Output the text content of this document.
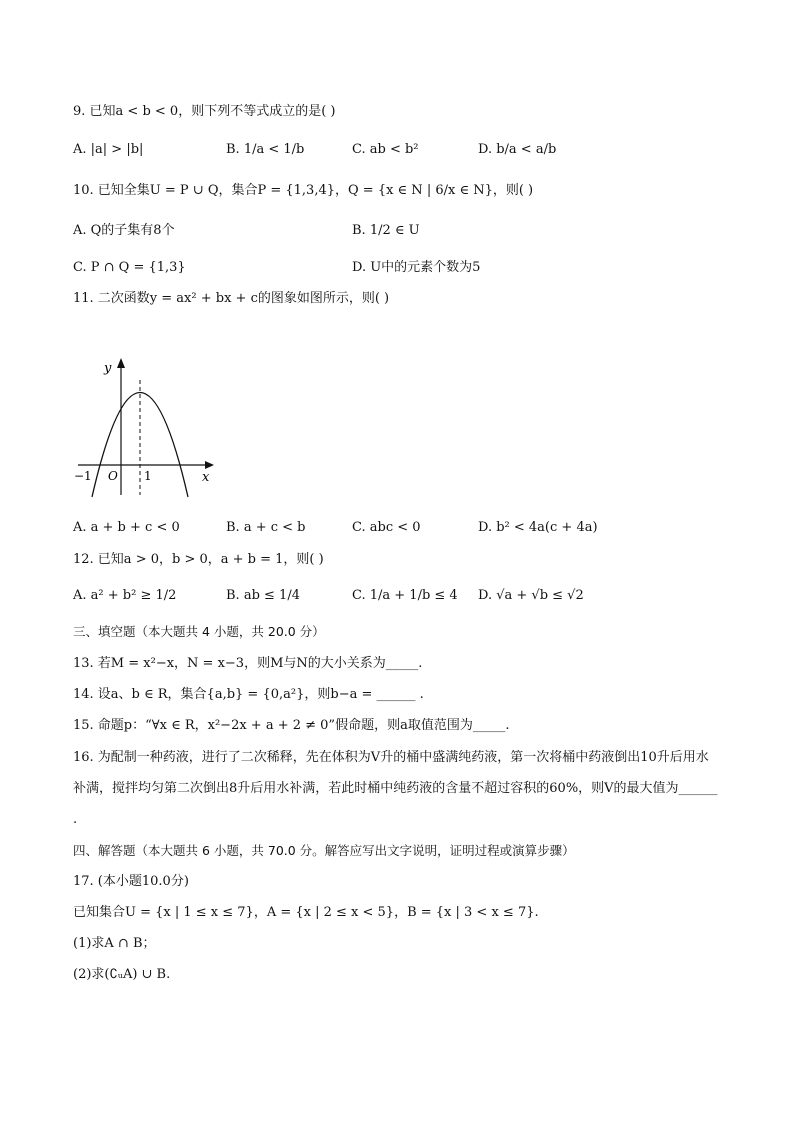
9. 已知a < b < 0，则下列不等式成立的是( )
A. |a| > |b|	B. 1/a < 1/b	C. ab < b²	D. b/a < a/b
10. 已知全集U = P ∪ Q，集合P = {1,3,4}，Q = {x ∈ N | 6/x ∈ N}，则( )
A. Q的子集有8个	B. 1/2 ∈ U
C. P ∩ Q = {1,3}	D. U中的元素个数为5
11. 二次函数y = ax² + bx + c的图象如图所示，则( )
y
x
O
−1	1
A. a + b + c < 0	B. a + c < b	C. abc < 0	D. b² < 4a(c + 4a)
12. 已知a > 0，b > 0，a + b = 1，则( )
A. a² + b² ≥ 1/2	B. ab ≤ 1/4	C. 1/a + 1/b ≤ 4 D. √a + √b ≤ √2
三、填空题（本大题共 4 小题，共 20.0 分）
13. 若M = x²−x，N = x−3，则M与N的大小关系为_____.
14. 设a、b ∈ R，集合{a,b} = {0,a²}，则b−a = ______ .
15. 命题p：“∀x ∈ R，x²−2x + a + 2 ≠ 0”假命题，则a取值范围为_____.
16. 为配制一种药液，进行了二次稀释，先在体积为V升的桶中盛满纯药液，第一次将桶中药液倒出10升后用水补满，搅拌均匀第二次倒出8升后用水补满，若此时桶中纯药液的含量不超过容积的60%，则V的最大值为______ .
四、解答题（本大题共 6 小题，共 70.0 分。解答应写出文字说明，证明过程或演算步骤）
17. (本小题10.0分)
已知集合U = {x | 1 ≤ x ≤ 7}，A = {x | 2 ≤ x < 5}，B = {x | 3 < x ≤ 7}.
(1)求A ∩ B；
(2)求(∁ᵤA) ∪ B.
